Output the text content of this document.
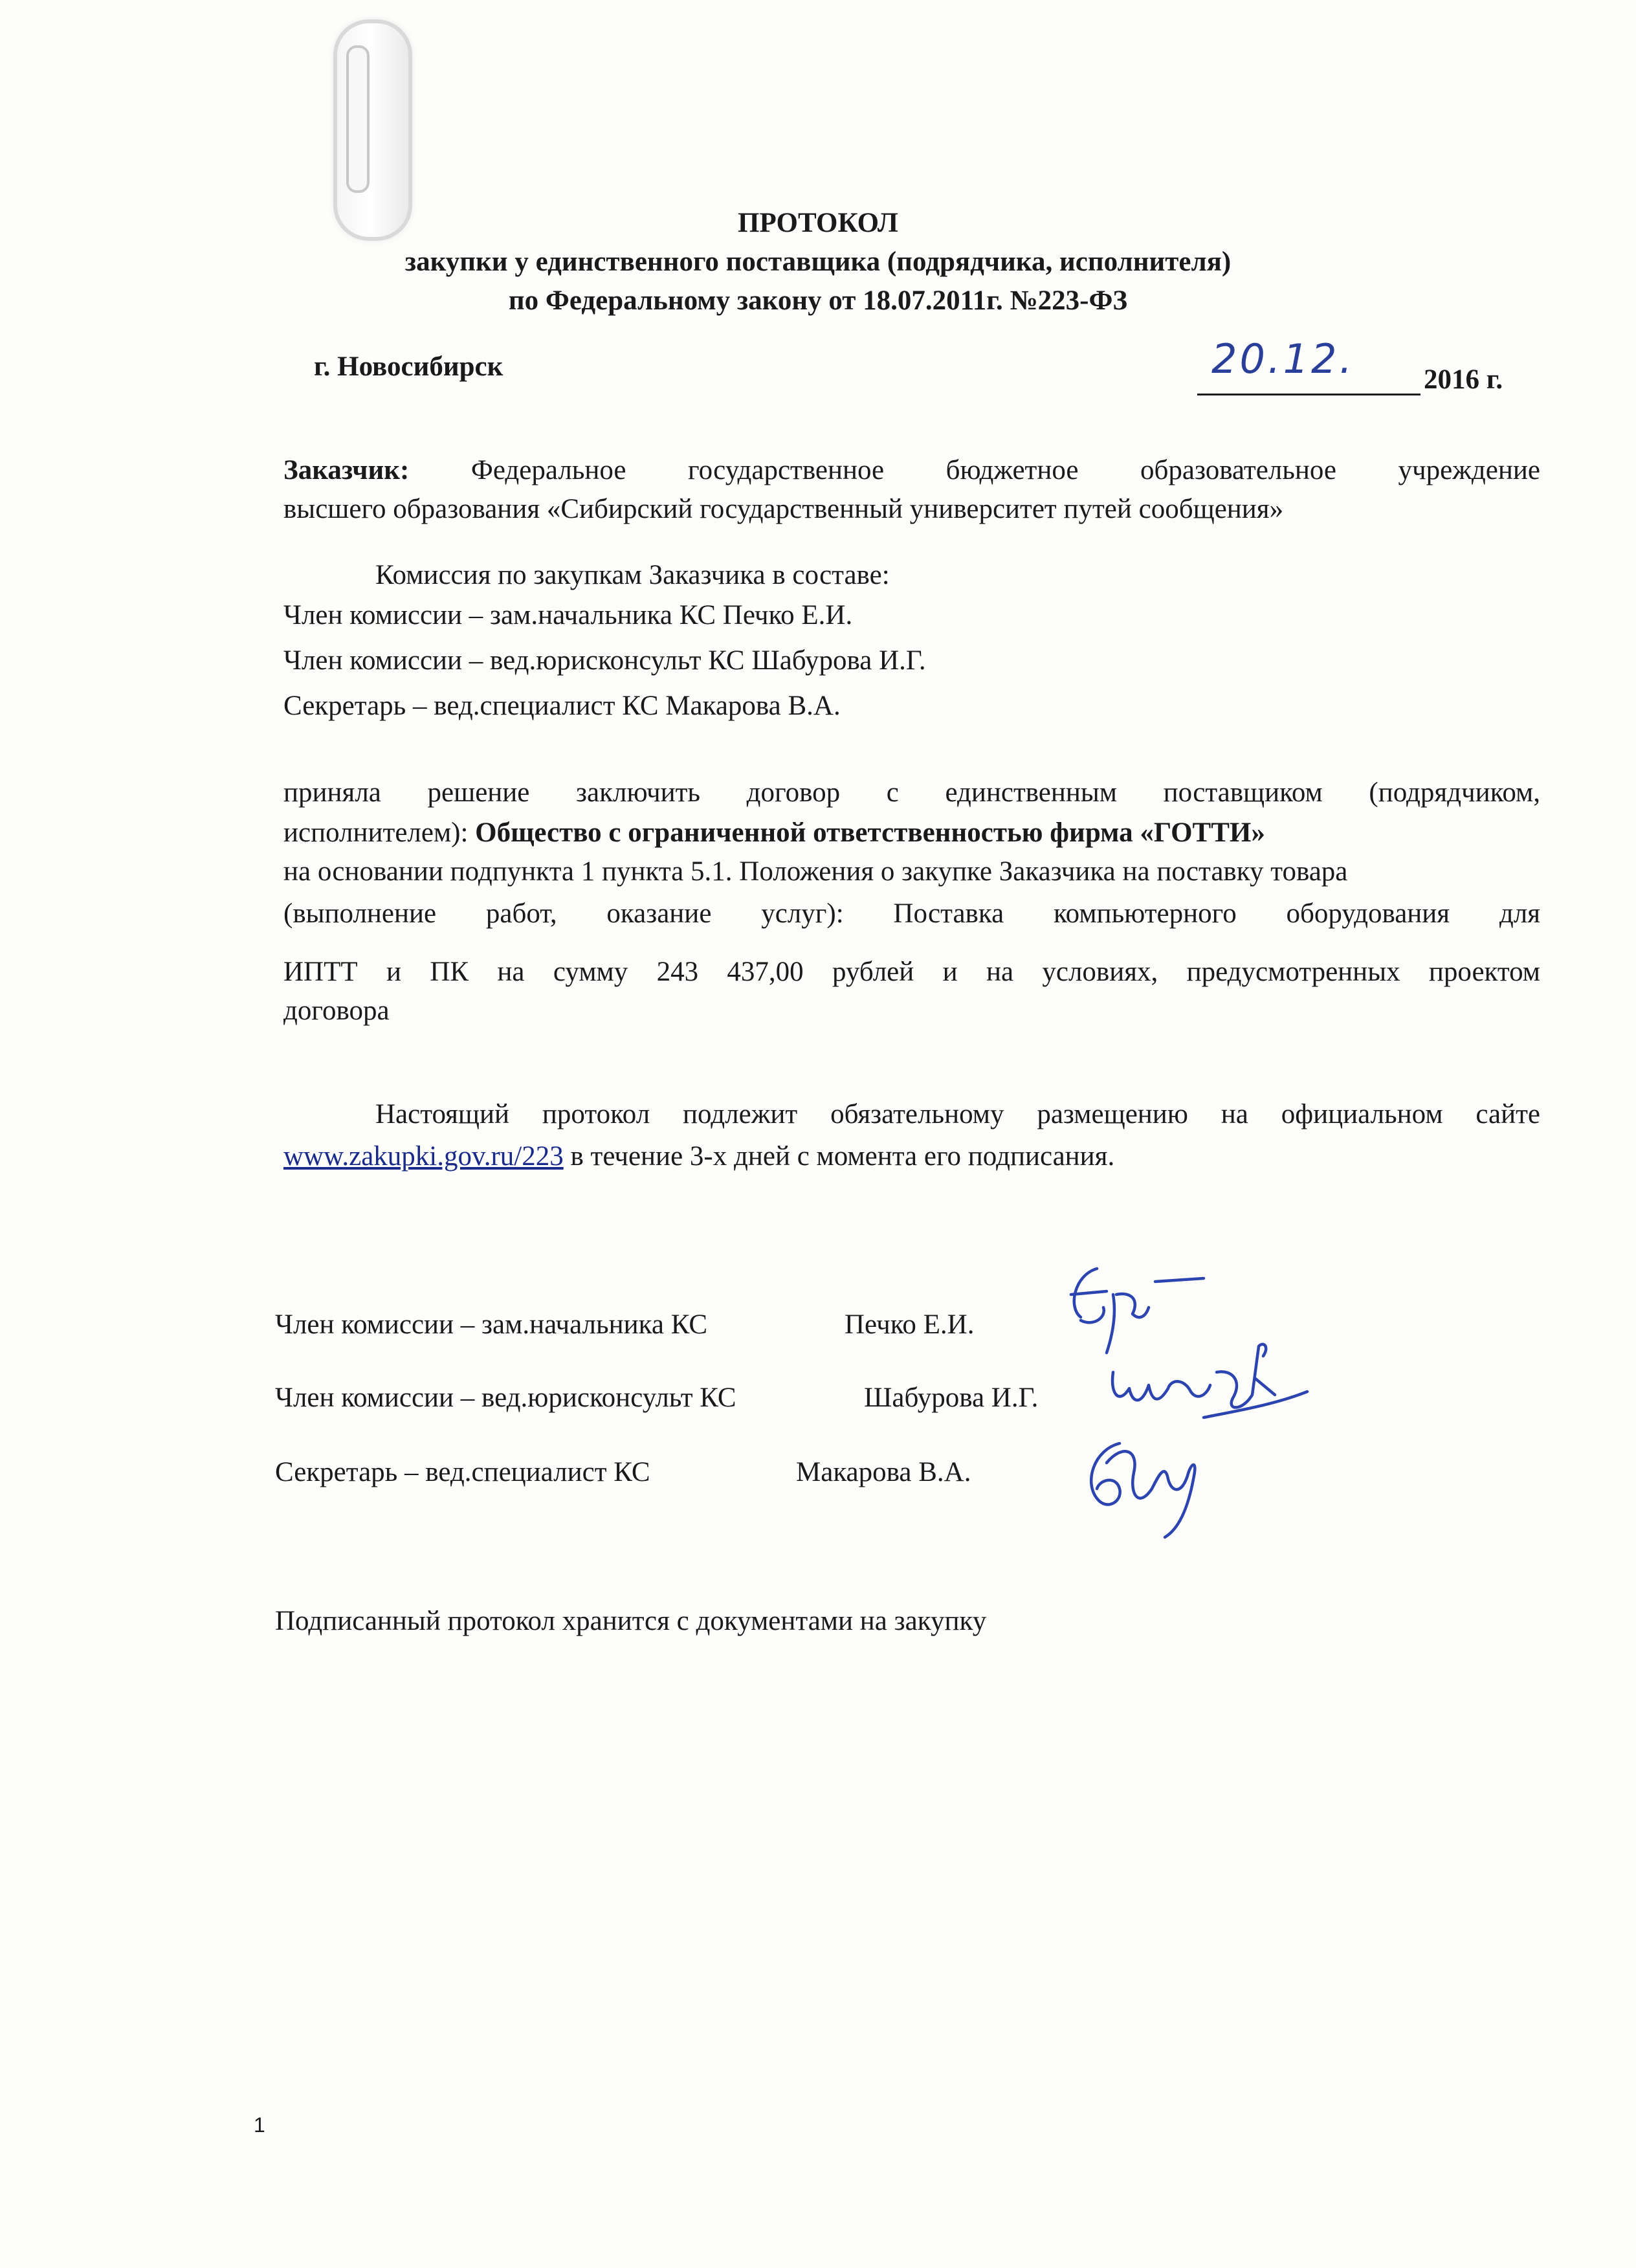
ПРОТОКОЛ
закупки у единственного поставщика (подрядчика, исполнителя)
по Федеральному закону от 18.07.2011г. №223-ФЗ
г. Новосибирск	20.12. 2016 г.
Заказчик: Федеральное государственное бюджетное образовательное учреждение
высшего образования «Сибирский государственный университет путей сообщения»
Комиссия по закупкам Заказчика в составе:
Член комиссии – зам.начальника КС Печко Е.И.
Член комиссии – вед.юрисконсульт КС Шабурова И.Г.
Секретарь – вед.специалист КС Макарова В.А.
приняла решение заключить договор с единственным поставщиком (подрядчиком,
исполнителем): Общество с ограниченной ответственностью фирма «ГОТТИ»
на основании подпункта 1 пункта 5.1. Положения о закупке Заказчика на поставку товара
(выполнение работ, оказание услуг): Поставка компьютерного оборудования для
ИПТТ и ПК на сумму 243 437,00 рублей и на условиях, предусмотренных проектом
договора
Настоящий протокол подлежит обязательному размещению на официальном сайте
www.zakupki.gov.ru/223 в течение 3-х дней с момента его подписания.
Член комиссии – зам.начальника КС	Печко Е.И.
Член комиссии – вед.юрисконсульт КС	Шабурова И.Г.
Секретарь – вед.специалист КС	Макарова В.А.
Подписанный протокол хранится с документами на закупку
1
